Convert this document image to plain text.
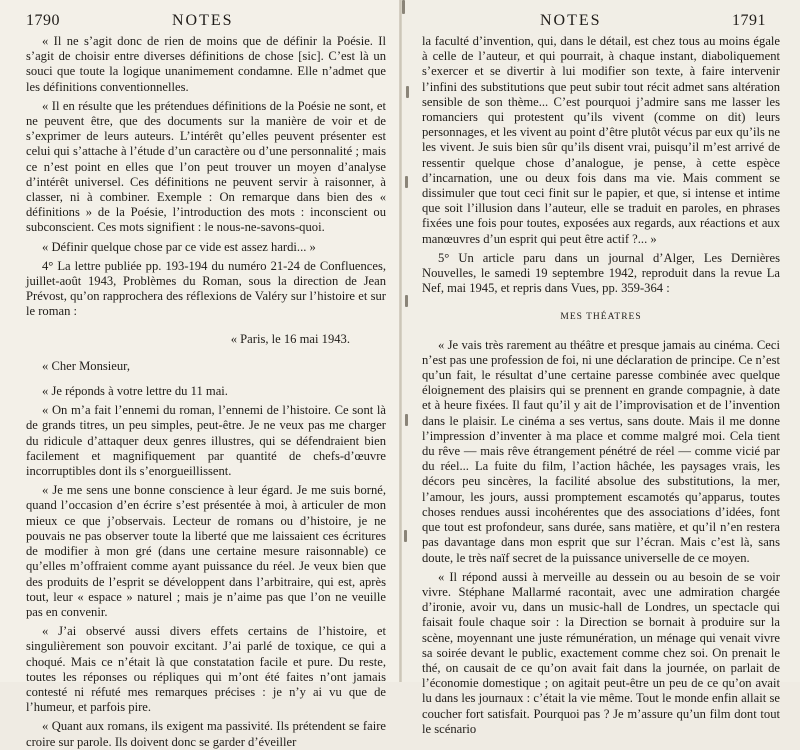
1790	NOTES

« Il ne s’agit donc de rien de moins que de définir la Poésie. Il s’agit de choisir entre diverses définitions de chose [sic]. C’est là un souci que toute la logique unanimement condamne. Elle n’admet que les définitions conventionnelles.

« Il en résulte que les prétendues définitions de la Poésie ne sont, et ne peuvent être, que des documents sur la manière de voir et de s’exprimer de leurs auteurs. L’intérêt qu’elles peuvent présenter est celui qui s’attache à l’étude d’un caractère ou d’une personnalité ; mais ce n’est point en elles que l’on peut trouver un moyen d’analyse d’intérêt universel. Ces définitions ne peuvent servir à raisonner, à classer, ni à combiner. Exemple : On remarque dans bien des « définitions » de la Poésie, l’introduction des mots : inconscient ou subconscient. Ces mots signifient : le nous-ne-savons-quoi.

« Définir quelque chose par ce vide est assez hardi... »

4° La lettre publiée pp. 193-194 du numéro 21-24 de Confluences, juillet-août 1943, Problèmes du Roman, sous la direction de Jean Prévost, qu’on rapprochera des réflexions de Valéry sur l’histoire et sur le roman :

« Paris, le 16 mai 1943.

« Cher Monsieur,

« Je réponds à votre lettre du 11 mai.

« On m’a fait l’ennemi du roman, l’ennemi de l’histoire. Ce sont là de grands titres, un peu simples, peut-être. Je ne veux pas me charger du ridicule d’attaquer deux genres illustres, qui se défendraient bien facilement et magnifiquement par quantité de chefs-d’œuvre incorruptibles dont ils s’enorgueillissent.

« Je me sens une bonne conscience à leur égard. Je me suis borné, quand l’occasion d’en écrire s’est présentée à moi, à articuler de mon mieux ce que j’observais. Lecteur de romans ou d’histoire, je ne pouvais ne pas observer toute la liberté que me laissaient ces écritures de modifier à mon gré (dans une certaine mesure raisonnable) ce qu’elles m’offraient comme ayant puissance du réel. Je veux bien que des produits de l’esprit se développent dans l’arbitraire, qui est, après tout, leur « espace » naturel ; mais je n’aime pas que l’on ne veuille pas en convenir.

« J’ai observé aussi divers effets certains de l’histoire, et singulièrement son pouvoir excitant. J’ai parlé de toxique, ce qui a choqué. Mais ce n’était là que constatation facile et pure. Du reste, toutes les réponses ou répliques qui m’ont été faites n’ont jamais contesté ni réfuté mes remarques précises : je n’y ai vu que de l’humeur, et parfois pire.

« Quant aux romans, ils exigent ma passivité. Ils prétendent se faire croire sur parole. Ils doivent donc se garder d’éveiller

NOTES	1791

la faculté d’invention, qui, dans le détail, est chez tous au moins égale à celle de l’auteur, et qui pourrait, à chaque instant, diaboliquement s’exercer et se divertir à lui modifier son texte, à faire intervenir l’infini des substitutions que peut subir tout récit admet sans altération sensible de son thème... C’est pourquoi j’admire sans me lasser les romanciers qui protestent qu’ils vivent (comme on dit) leurs personnages, et les vivent au point d’être plutôt vécus par eux qu’ils ne les vivent. Je suis bien sûr qu’ils disent vrai, puisqu’il m’est arrivé de ressentir quelque chose d’analogue, je pense, à cette espèce d’incarnation, une ou deux fois dans ma vie. Mais comment se dissimuler que tout ceci finit sur le papier, et que, si intense et intime que soit l’illusion dans l’auteur, elle se traduit en paroles, en phrases fixées une fois pour toutes, exposées aux regards, aux réactions et aux manœuvres d’un esprit qui peut être actif ?... »

5° Un article paru dans un journal d’Alger, Les Dernières Nouvelles, le samedi 19 septembre 1942, reproduit dans la revue La Nef, mai 1945, et repris dans Vues, pp. 359-364 :

MES THÉATRES

« Je vais très rarement au théâtre et presque jamais au cinéma. Ceci n’est pas une profession de foi, ni une déclaration de principe. Ce n’est qu’un fait, le résultat d’une certaine paresse combinée avec quelque éloignement des plaisirs qui se prennent en grande compagnie, à date et à heure fixées. Il faut qu’il y ait de l’improvisation et de l’invention dans le plaisir. Le cinéma a ses vertus, sans doute. Mais il me donne l’impression d’inventer à ma place et comme malgré moi. Cela tient du rêve — mais rêve étrangement pénétré de réel — comme vicié par du réel... La fuite du film, l’action hâchée, les paysages vrais, les décors peu sincères, la facilité absolue des substitutions, la mer, l’amour, les jours, aussi promptement escamotés qu’apparus, toutes choses rendues aussi incohérentes que des associations d’idées, font que tout est profondeur, sans durée, sans matière, et qu’il n’en restera pas davantage dans mon esprit que sur l’écran. Mais c’est là, sans doute, le très naïf secret de la puissance universelle de ce moyen.

« Il répond aussi à merveille au dessein ou au besoin de se voir vivre. Stéphane Mallarmé racontait, avec une admiration chargée d’ironie, avoir vu, dans un music-hall de Londres, un spectacle qui faisait foule chaque soir : la Direction se bornait à produire sur la scène, moyennant une juste rémunération, un ménage qui venait vivre sa soirée devant le public, exactement comme chez soi. On prenait le thé, on causait de ce qu’on avait fait dans la journée, on parlait de l’économie domestique ; on agitait peut-être un peu de ce qu’on avait lu dans les journaux : c’était la vie même. Tout le monde enfin allait se coucher fort satisfait. Pourquoi pas ? Je m’assure qu’un film dont tout le scénario
